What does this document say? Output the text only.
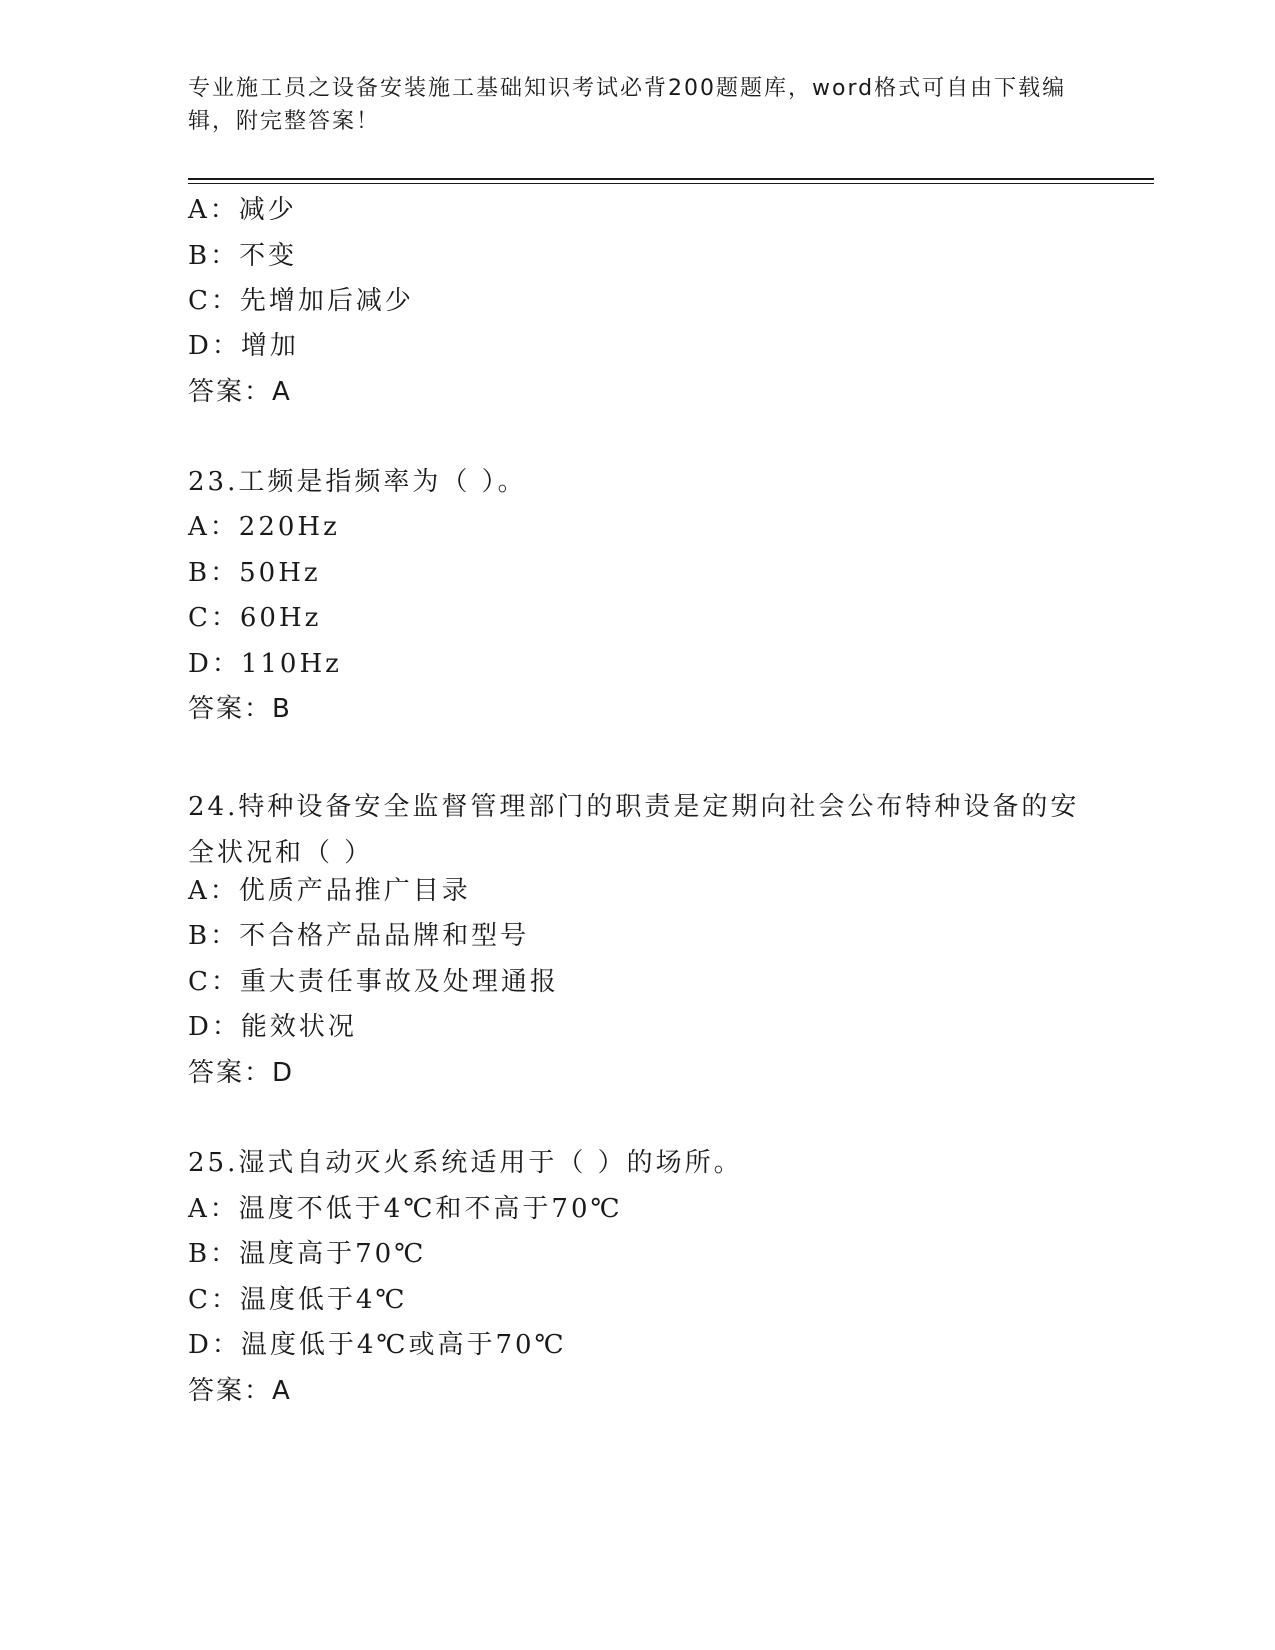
专业施工员之设备安装施工基础知识考试必背200题题库，word格式可自由下载编辑，附完整答案！
A：减少
B：不变
C：先增加后减少
D：增加
答案：A
23.工频是指频率为（ ）。
A：220Hz
B：50Hz
C：60Hz
D：110Hz
答案：B
24.特种设备安全监督管理部门的职责是定期向社会公布特种设备的安全状况和（ ）
A：优质产品推广目录
B：不合格产品品牌和型号
C：重大责任事故及处理通报
D：能效状况
答案：D
25.湿式自动灭火系统适用于（ ）的场所。
A：温度不低于4℃和不高于70℃
B：温度高于70℃
C：温度低于4℃
D：温度低于4℃或高于70℃
答案：A
